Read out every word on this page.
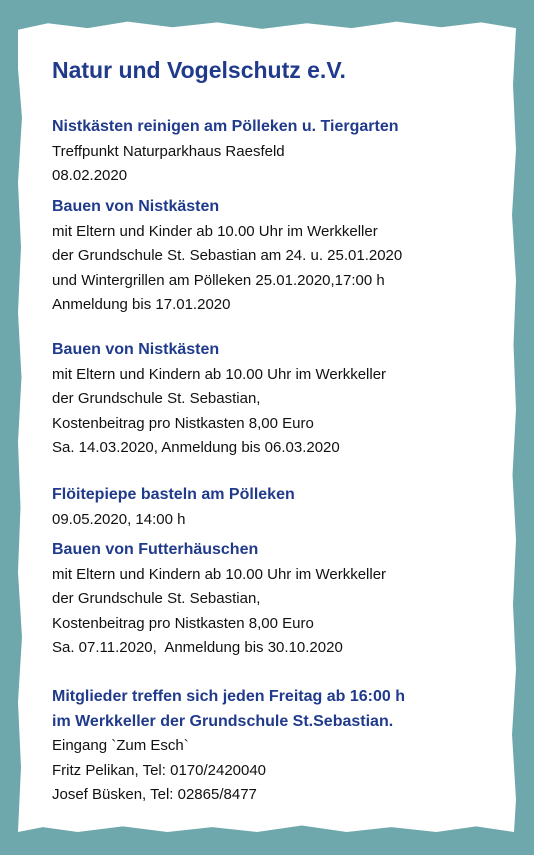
Natur und Vogelschutz e.V.
Nistkästen reinigen am Pölleken u. Tiergarten
Treffpunkt Naturparkhaus Raesfeld
08.02.2020
Bauen von Nistkästen
mit Eltern und Kinder ab 10.00 Uhr im Werkkeller
der Grundschule St. Sebastian am 24. u. 25.01.2020
und Wintergrillen am Pölleken 25.01.2020,17:00 h
Anmeldung bis 17.01.2020
Bauen von Nistkästen
mit Eltern und Kindern ab 10.00 Uhr im Werkkeller
der Grundschule St. Sebastian,
Kostenbeitrag pro Nistkasten 8,00 Euro
Sa. 14.03.2020, Anmeldung bis 06.03.2020
Flöitepiepe basteln am Pölleken
09.05.2020, 14:00 h
Bauen von Futterhäuschen
mit Eltern und Kindern ab 10.00 Uhr im Werkkeller
der Grundschule St. Sebastian,
Kostenbeitrag pro Nistkasten 8,00 Euro
Sa. 07.11.2020,  Anmeldung bis 30.10.2020
Mitglieder treffen sich jeden Freitag ab 16:00 h
im Werkkeller der Grundschule St.Sebastian.
Eingang `Zum Esch`
Fritz Pelikan, Tel: 0170/2420040
Josef Büsken, Tel: 02865/8477
